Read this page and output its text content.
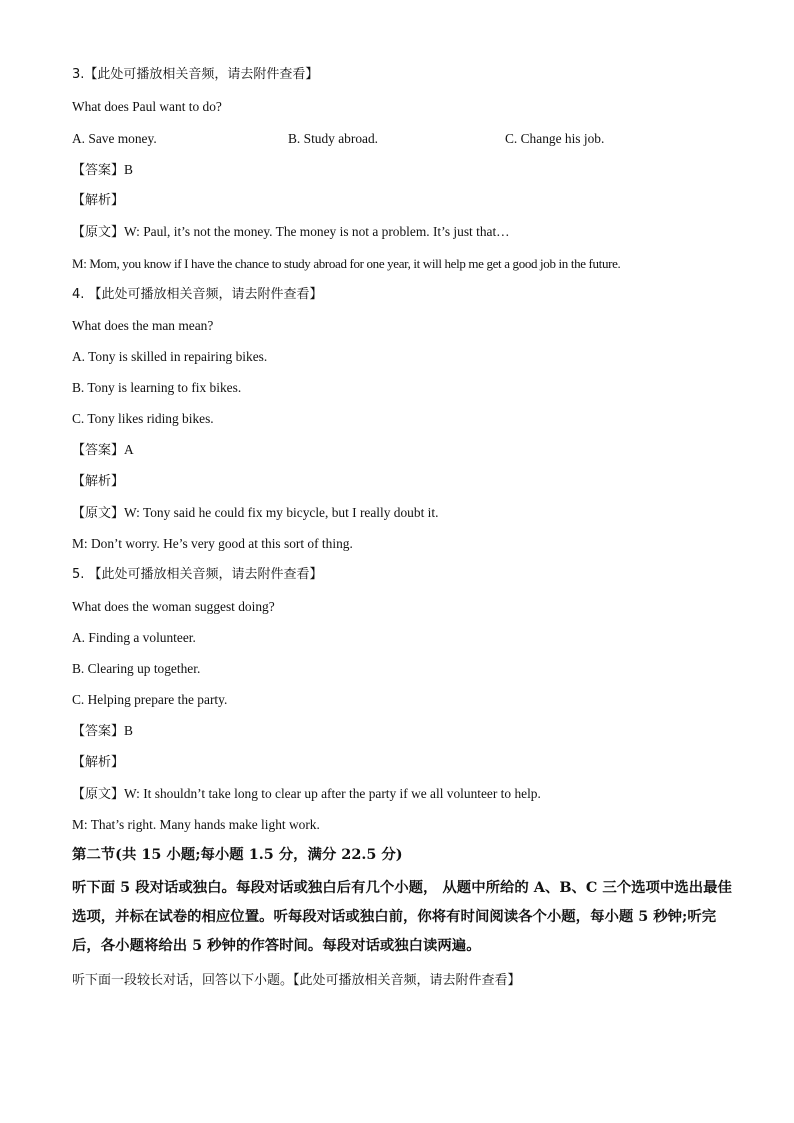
3.【此处可播放相关音频，请去附件查看】
What does Paul want to do?
A. Save money.	B. Study abroad.	C. Change his job.
【答案】B
【解析】
【原文】W: Paul, it’s not the money. The money is not a problem. It’s just that…
M: Mom, you know if I have the chance to study abroad for one year, it will help me get a good job in the future.
4. 【此处可播放相关音频，请去附件查看】
What does the man mean?
A. Tony is skilled in repairing bikes.
B. Tony is learning to fix bikes.
C. Tony likes riding bikes.
【答案】A
【解析】
【原文】W: Tony said he could fix my bicycle, but I really doubt it.
M: Don’t worry. He’s very good at this sort of thing.
5. 【此处可播放相关音频，请去附件查看】
What does the woman suggest doing?
A. Finding a volunteer.
B. Clearing up together.
C. Helping prepare the party.
【答案】B
【解析】
【原文】W: It shouldn’t take long to clear up after the party if we all volunteer to help.
M: That’s right. Many hands make light work.
第二节(共 15 小题;每小题 1.5 分，满分 22.5 分)
听下面 5 段对话或独白。每段对话或独白后有几个小题， 从题中所给的 A、B、C 三个选项中选出最佳选项，并标在试卷的相应位置。听每段对话或独白前，你将有时间阅读各个小题，每小题 5 秒钟;听完后，各小题将给出 5 秒钟的作答时间。每段对话或独白读两遍。
听下面一段较长对话，回答以下小题。【此处可播放相关音频，请去附件查看】
